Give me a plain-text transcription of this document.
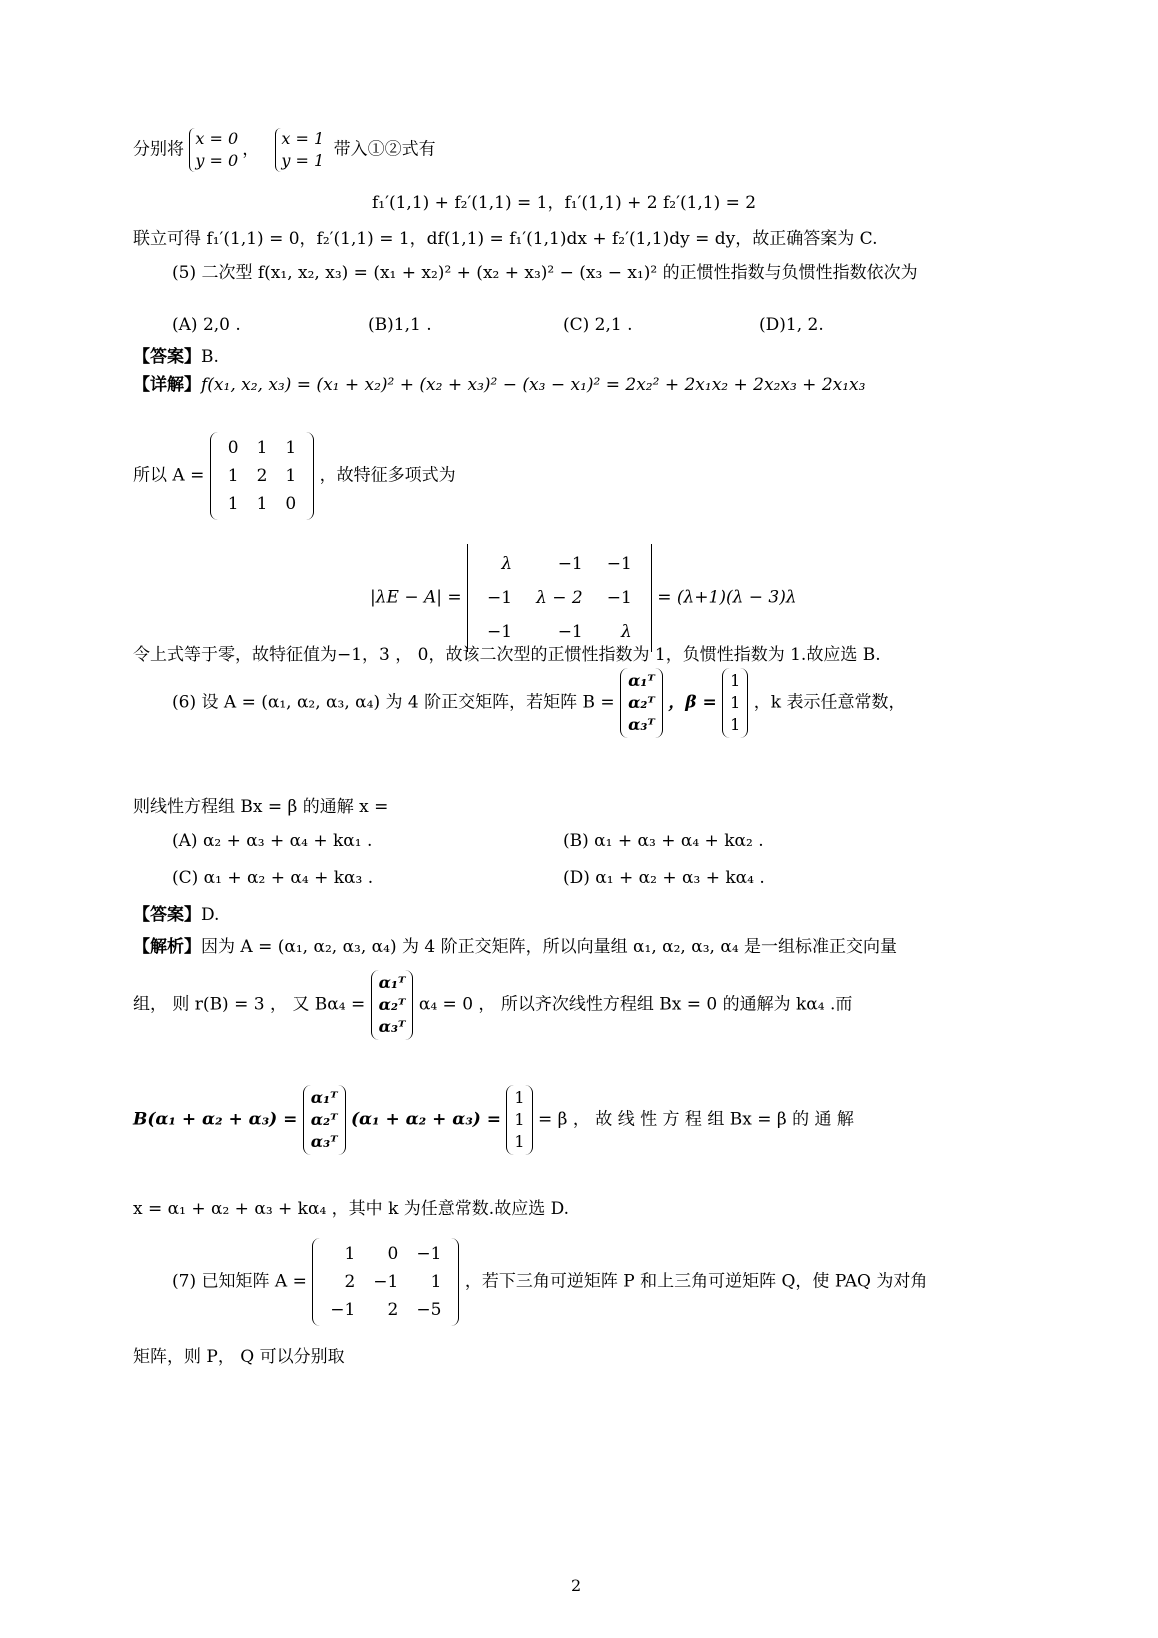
分别将
x = 0
y = 0
，
x = 1
y = 1
带入①②式有
f₁′(1,1) + f₂′(1,1) = 1，f₁′(1,1) + 2 f₂′(1,1) = 2
联立可得 f₁′(1,1) = 0，f₂′(1,1) = 1，df(1,1) = f₁′(1,1)dx + f₂′(1,1)dy = dy，故正确答案为 C.
(5) 二次型 f(x₁, x₂, x₃) = (x₁ + x₂)² + (x₂ + x₃)² − (x₃ − x₁)² 的正惯性指数与负惯性指数依次为
(A) 2,0 .	(B)1,1 .	(C) 2,1 .	(D)1, 2.
【答案】B.
【详解】f(x₁, x₂, x₃) = (x₁ + x₂)² + (x₂ + x₃)² − (x₃ − x₁)² = 2x₂² + 2x₁x₂ + 2x₂x₃ + 2x₁x₃
所以 A =
0	1	1
1	2	1
1	1	0
，故特征多项式为
|λE − A| =
λ	−1	−1
−1	λ − 2	−1
−1	−1	λ
= (λ+1)(λ − 3)λ
令上式等于零，故特征值为−1，3 ， 0，故该二次型的正惯性指数为 1，负惯性指数为 1.故应选 B.
(6) 设 A = (α₁, α₂, α₃, α₄) 为 4 阶正交矩阵，若矩阵 B =
α₁ᵀ
α₂ᵀ
α₃ᵀ
，β =
1
1
1
，k 表示任意常数，
则线性方程组 Bx = β 的通解 x =
(A) α₂ + α₃ + α₄ + kα₁ .	(B) α₁ + α₃ + α₄ + kα₂ .
(C) α₁ + α₂ + α₄ + kα₃ .	(D) α₁ + α₂ + α₃ + kα₄ .
【答案】D.
【解析】因为 A = (α₁, α₂, α₃, α₄) 为 4 阶正交矩阵，所以向量组 α₁, α₂, α₃, α₄ 是一组标准正交向量
组， 则 r(B) = 3 ， 又 Bα₄ =
α₁ᵀ
α₂ᵀ
α₃ᵀ
α₄ = 0 ， 所以齐次线性方程组 Bx = 0 的通解为 kα₄ .而
B(α₁ + α₂ + α₃) =
α₁ᵀ
α₂ᵀ
α₃ᵀ
(α₁ + α₂ + α₃) =
1
1
1
= β ， 故 线 性 方 程 组 Bx = β 的 通 解
x = α₁ + α₂ + α₃ + kα₄ ，其中 k 为任意常数.故应选 D.
(7) 已知矩阵 A =
1	0	−1
2	−1	1
−1	2	−5
，若下三角可逆矩阵 P 和上三角可逆矩阵 Q，使 PAQ 为对角
矩阵，则 P， Q 可以分别取
2
